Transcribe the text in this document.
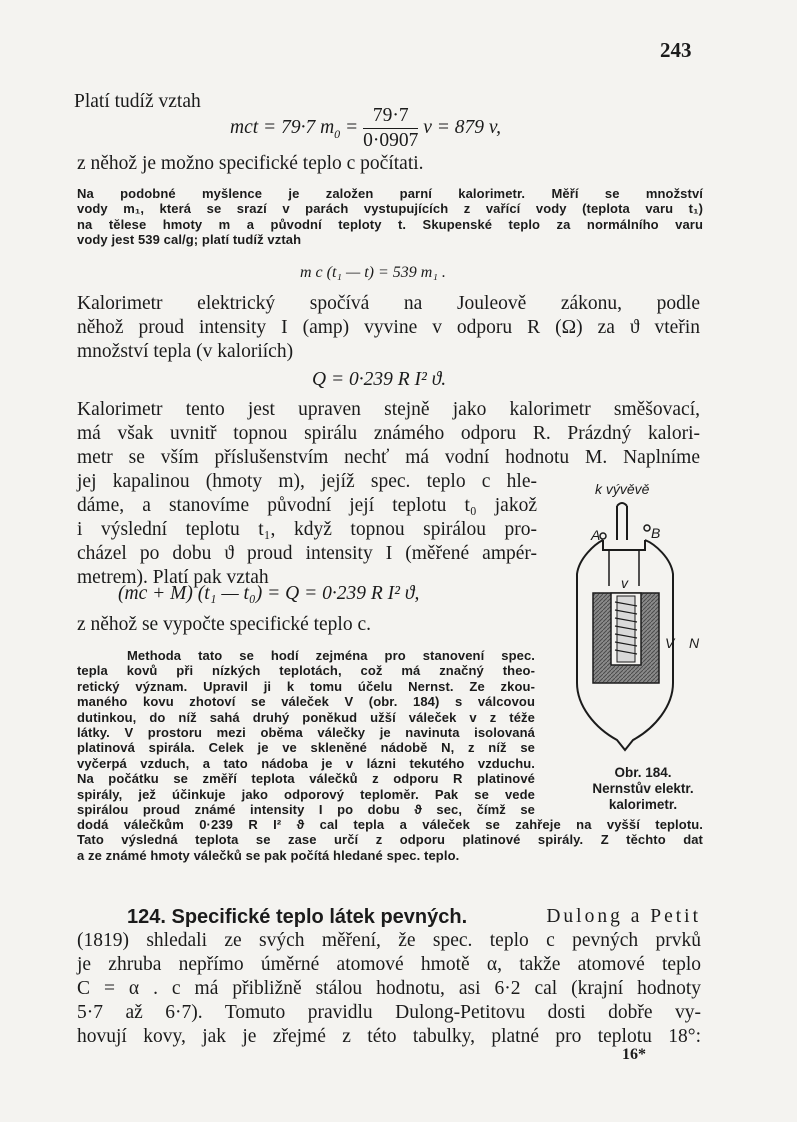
243
Platí tudíž vztah
mct = 79·7 $m_0 = \frac{79\cdot 7}{0\cdot 0907}$ v = 879 v,
z něhož je možno specifické teplo c počítati.
Na podobné myšlence je založen parní kalorimetr. Měří se množství
vody m₁, která se srazí v parách vystupujících z vařící vody (teplota varu t₁)
na tělese hmoty m a původní teploty t. Skupenské teplo za normálního varu
vody jest 539 cal/g; platí tudíž vztah
m c (t₁ — t) = 539 m₁ .
Kalorimetr elektrický spočívá na Jouleově zákonu, podle
něhož proud intensity I (amp) vyvine v odporu R (Ω) za ϑ vteřin
množství tepla (v kaloriích)
Q = 0·239 R I² ϑ.
Kalorimetr tento jest upraven stejně jako kalorimetr směšovací,
má však uvnitř topnou spirálu známého odporu R. Prázdný kalori-
metr se vším příslušenstvím nechť má vodní hodnotu M. Naplníme
jej kapalinou (hmoty m), jejíž spec. teplo c hle-
dáme, a stanovíme původní její teplotu t₀ jakož
i výslední teplotu t₁, když topnou spirálou pro-
cházel po dobu ϑ proud intensity I (měřené ampér-
metrem). Platí pak vztah
(mc + M) (t₁ — t₀) = Q = 0·239 R I² ϑ,
z něhož se vypočte specifické teplo c.
Methoda tato se hodí zejména pro stanovení spec.
tepla kovů při nízkých teplotách, což má značný theo-
retický význam. Upravil ji k tomu účelu Nernst. Ze zkou-
maného kovu zhotoví se váleček V (obr. 184) s válcovou
dutinkou, do níž sahá druhý poněkud užší váleček v z téže
látky. V prostoru mezi oběma válečky je navinuta isolovaná
platinová spirála. Celek je ve skleněné nádobě N, z níž se
vyčerpá vzduch, a tato nádoba je v lázni tekutého vzduchu.
Na počátku se změří teplota válečků z odporu R platinové
spirály, jež účinkuje jako odporový teploměr. Pak se vede
spirálou proud známé intensity I po dobu ϑ sec, čímž se
dodá válečkům 0·239 R I² ϑ cal tepla a váleček se zahřeje na vyšší teplotu.
Tato výsledná teplota se zase určí z odporu platinové spirály. Z těchto dat
a ze známé hmoty válečků se pak počítá hledané spec. teplo.
k vývěvě
A	B
v
V N
Obr. 184.
Nernstův elektr.
kalorimetr.
124. Specifické teplo látek pevných.	Dulong a Petit
(1819) shledali ze svých měření, že spec. teplo c pevných prvků
je zhruba nepřímo úměrné atomové hmotě α, takže atomové teplo
C = α . c má přibližně stálou hodnotu, asi 6·2 cal (krajní hodnoty
5·7 až 6·7). Tomuto pravidlu Dulong-Petitovu dosti dobře vy-
hovují kovy, jak je zřejmé z této tabulky, platné pro teplotu 18°:
16*
